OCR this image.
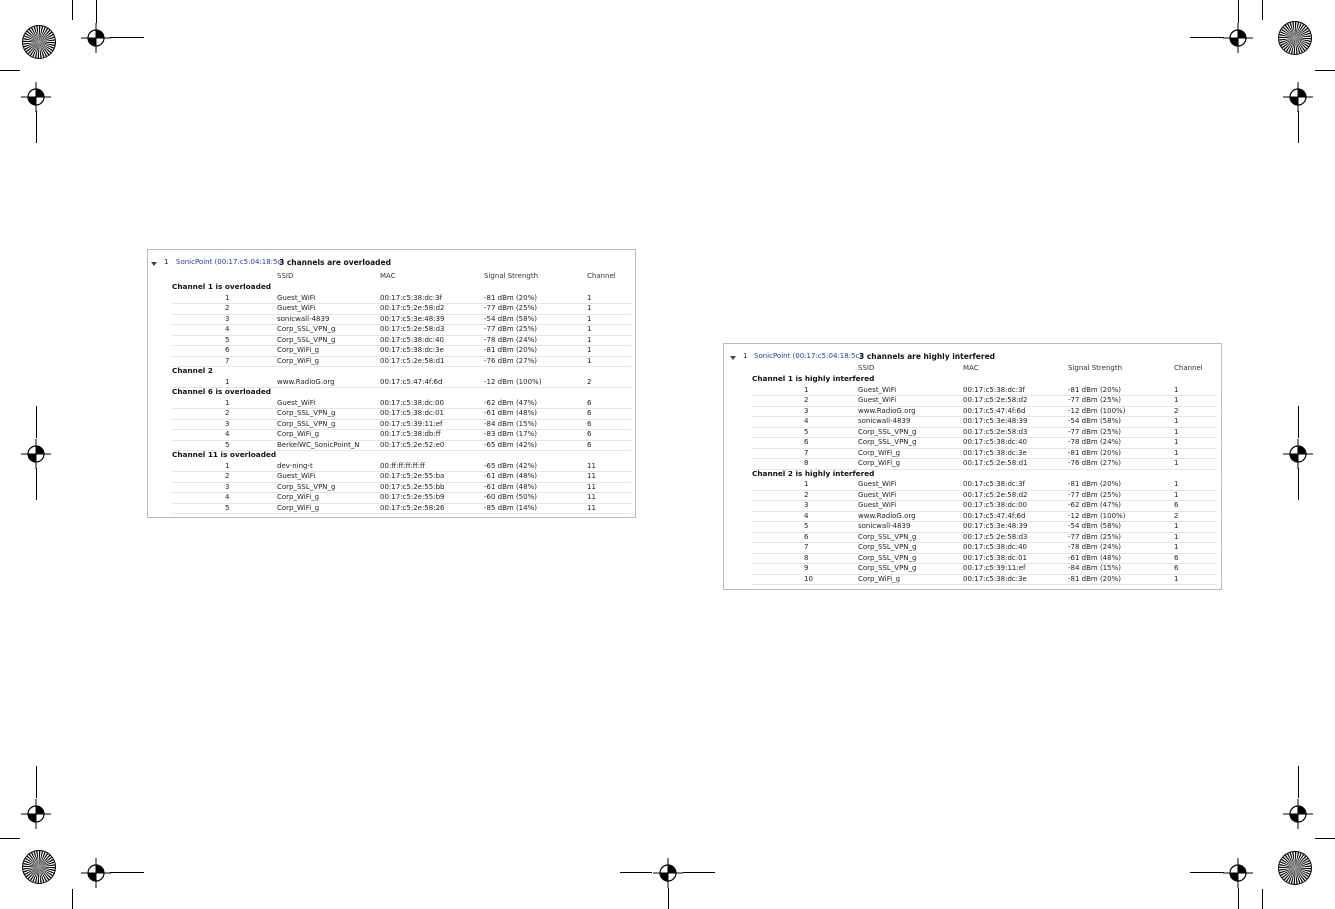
1 SonicPoint (00:17:c5:04:18:5c)
3 channels are overloaded
SSID	MAC	Signal Strength	Channel
Channel 1 is overloaded
1	Guest_WiFi	00:17:c5:38:dc:3f	-81 dBm (20%)	1
2	Guest_WiFi	00:17:c5:2e:58:d2	-77 dBm (25%)	1
3	sonicwall-4839	00:17:c5:3e:48:39	-54 dBm (58%)	1
4	Corp_SSL_VPN_g	00:17:c5:2e:58:d3	-77 dBm (25%)	1
5	Corp_SSL_VPN_g	00:17:c5:38:dc:40	-78 dBm (24%)	1
6	Corp_WiFi_g	00:17:c5:38:dc:3e	-81 dBm (20%)	1
7	Corp_WiFi_g	00:17:c5:2e:58:d1	-76 dBm (27%)	1
Channel 2
1	www.RadioG.org	00:17:c5:47:4f:6d	-12 dBm (100%)	2
Channel 6 is overloaded
1	Guest_WiFi	00:17:c5:38:dc:00	-62 dBm (47%)	6
2	Corp_SSL_VPN_g	00:17:c5:38:dc:01	-61 dBm (48%)	6
3	Corp_SSL_VPN_g	00:17:c5:39:11:ef	-84 dBm (15%)	6
4	Corp_WiFi_g	00:17:c5:38:db:ff	-83 dBm (17%)	6
5	BerkelWC_SonicPoint_N	00:17:c5:2e:52:e0	-65 dBm (42%)	6
Channel 11 is overloaded
1	dev-ning-t	00:ff:ff:ff:ff:ff	-65 dBm (42%)	11
2	Guest_WiFi	00:17:c5:2e:55:ba	-61 dBm (48%)	11
3	Corp_SSL_VPN_g	00:17:c5:2e:55:bb	-61 dBm (48%)	11
4	Corp_WiFi_g	00:17:c5:2e:55:b9	-60 dBm (50%)	11
5	Corp_WiFi_g	00:17:c5:2e:58:26	-85 dBm (14%)	11
1 SonicPoint (00:17:c5:04:18:5c)
3 channels are highly interfered
SSID	MAC	Signal Strength	Channel
Channel 1 is highly interfered
1	Guest_WiFi	00:17:c5:38:dc:3f	-81 dBm (20%)	1
2	Guest_WiFi	00:17:c5:2e:58:d2	-77 dBm (25%)	1
3	www.RadioG.org	00:17:c5:47:4f:6d	-12 dBm (100%)	2
4	sonicwall-4839	00:17:c5:3e:48:39	-54 dBm (58%)	1
5	Corp_SSL_VPN_g	00:17:c5:2e:58:d3	-77 dBm (25%)	1
6	Corp_SSL_VPN_g	00:17:c5:38:dc:40	-78 dBm (24%)	1
7	Corp_WiFi_g	00:17:c5:38:dc:3e	-81 dBm (20%)	1
8	Corp_WiFi_g	00:17:c5:2e:58:d1	-76 dBm (27%)	1
Channel 2 is highly interfered
1	Guest_WiFi	00:17:c5:38:dc:3f	-81 dBm (20%)	1
2	Guest_WiFi	00:17:c5:2e:58:d2	-77 dBm (25%)	1
3	Guest_WiFi	00:17:c5:38:dc:00	-62 dBm (47%)	6
4	www.RadioG.org	00:17:c5:47:4f:6d	-12 dBm (100%)	2
5	sonicwall-4839	00:17:c5:3e:48:39	-54 dBm (58%)	1
6	Corp_SSL_VPN_g	00:17:c5:2e:58:d3	-77 dBm (25%)	1
7	Corp_SSL_VPN_g	00:17:c5:38:dc:40	-78 dBm (24%)	1
8	Corp_SSL_VPN_g	00:17:c5:38:dc:01	-61 dBm (48%)	6
9	Corp_SSL_VPN_g	00:17:c5:39:11:ef	-84 dBm (15%)	6
10	Corp_WiFi_g	00:17:c5:38:dc:3e	-81 dBm (20%)	1
